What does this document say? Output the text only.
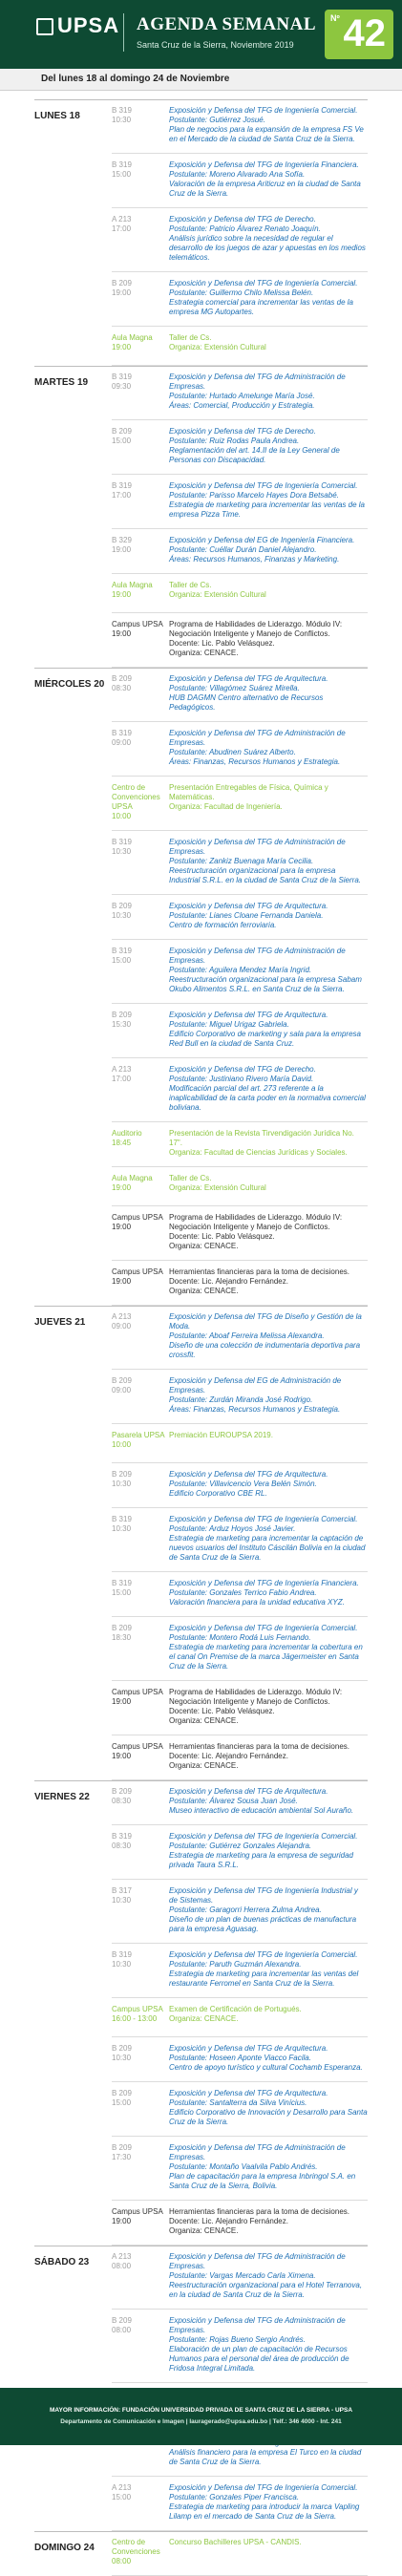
UPSA AGENDA SEMANAL
Santa Cruz de la Sierra, Noviembre 2019
Nº 42
Del lunes 18 al domingo 24 de Noviembre
LUNES 18
B 319
10:30
Exposición y Defensa del TFG de Ingeniería Comercial.
Postulante: Gutiérrez Josué.
Plan de negocios para la expansión de la empresa FS Ve en el Mercado de la ciudad de Santa Cruz de la Sierra.
B 319
15:00
Exposición y Defensa del TFG de Ingeniería Financiera.
Postulante: Moreno Alvarado Ana Sofía.
Valoración de la empresa Ariticruz en la ciudad de Santa Cruz de la Sierra.
A 213
17:00
Exposición y Defensa del TFG de Derecho.
Postulante: Patricio Álvarez Renato Joaquín.
Análisis jurídico sobre la necesidad de regular el desarrollo de los juegos de azar y apuestas en los medios telemáticos.
B 209
19:00
Exposición y Defensa del TFG de Ingeniería Comercial.
Postulante: Guillermo Chilo Melissa Belén.
Estrategia comercial para incrementar las ventas de la empresa MG Autopartes.
Aula Magna
19:00
Taller de Cs.
Organiza: Extensión Cultural
MARTES 19
B 319
09:30
Exposición y Defensa del TFG de Administración de Empresas.
Postulante: Hurtado Amelunge María José.
Áreas: Comercial, Producción y Estrategia.
B 209
15:00
Exposición y Defensa del TFG de Derecho.
Postulante: Ruiz Rodas Paula Andrea.
Reglamentación del art. 14.II de la Ley General de Personas con Discapacidad.
B 319
17:00
Exposición y Defensa del TFG de Ingeniería Comercial.
Postulante: Parisso Marcelo Hayes Dora Betsabé.
Estrategia de marketing para incrementar las ventas de la empresa Pizza Time.
B 329
19:00
Exposición y Defensa del EG de Ingeniería Financiera.
Postulante: Cuéllar Durán Daniel Alejandro.
Áreas: Recursos Humanos, Finanzas y Marketing.
Aula Magna
19:00
Taller de Cs.
Organiza: Extensión Cultural
Campus UPSA
19:00
Programa de Habilidades de Liderazgo. Módulo IV: Negociación Inteligente y Manejo de Conflictos.
Docente: Lic. Pablo Velásquez.
Organiza: CENACE.
MIÉRCOLES 20
B 209
08:30
Exposición y Defensa del TFG de Arquitectura.
Postulante: Villagómez Suárez Mirella.
HUB DAGMN Centro alternativo de Recursos Pedagógicos.
B 319
09:00
Exposición y Defensa del TFG de Administración de Empresas.
Postulante: Abudinen Suárez Alberto.
Áreas: Finanzas, Recursos Humanos y Estrategia.
Centro de
Convenciones UPSA
10:00
Presentación Entregables de Física, Química y Matemáticas.
Organiza: Facultad de Ingeniería.
B 319
10:30
Exposición y Defensa del TFG de Administración de Empresas.
Postulante: Zankiz Buenaga María Cecilia.
Reestructuración organizacional para la empresa Industrial S.R.L. en la ciudad de Santa Cruz de la Sierra.
B 209
10:30
Exposición y Defensa del TFG de Arquitectura.
Postulante: Lianes Cloane Fernanda Daniela.
Centro de formación ferroviaria.
B 319
15:00
Exposición y Defensa del TFG de Administración de Empresas.
Postulante: Aguilera Mendez María Ingrid.
Reestructuración organizacional para la empresa Sabam Okubo Alimentos S.R.L. en Santa Cruz de la Sierra.
B 209
15:30
Exposición y Defensa del TFG de Arquitectura.
Postulante: Miguel Urigaz Gabriela.
Edificio Corporativo de marketing y sala para la empresa Red Bull en la ciudad de Santa Cruz.
A 213
17:00
Exposición y Defensa del TFG de Derecho.
Postulante: Justiniano Rivero María David.
Modificación parcial del art. 273 referente a la inaplicabilidad de la carta poder en la normativa comercial boliviana.
Auditorio
18:45
Presentación de la Revista Tirvendigación Jurídica No. 17".
Organiza: Facultad de Ciencias Jurídicas y Sociales.
Aula Magna
19:00
Taller de Cs.
Organiza: Extensión Cultural
Campus UPSA
19:00
Programa de Habilidades de Liderazgo. Módulo IV: Negociación Inteligente y Manejo de Conflictos.
Docente: Lic. Pablo Velásquez.
Organiza: CENACE.
Campus UPSA
19:00
Herramientas financieras para la toma de decisiones.
Docente: Lic. Alejandro Fernández.
Organiza: CENACE.
JUEVES 21
A 213
09:00
Exposición y Defensa del TFG de Diseño y Gestión de la Moda.
Postulante: Aboaf Ferreira Melissa Alexandra.
Diseño de una colección de indumentaria deportiva para crossfit.
B 209
09:00
Exposición y Defensa del EG de Administración de Empresas.
Postulante: Zurdán Miranda José Rodrigo.
Áreas: Finanzas, Recursos Humanos y Estrategia.
Pasarela UPSA
10:00
Premiación EUROUPSA 2019.
B 209
10:30
Exposición y Defensa del TFG de Arquitectura.
Postulante: Villavicencio Vera Belén Simón.
Edificio Corporativo CBE RL.
B 319
10:30
Exposición y Defensa del TFG de Ingeniería Comercial.
Postulante: Arduz Hoyos José Javier.
Estrategia de marketing para incrementar la captación de nuevos usuarios del Instituto Cáscilán Bolivia en la ciudad de Santa Cruz de la Sierra.
B 319
15:00
Exposición y Defensa del TFG de Ingeniería Financiera.
Postulante: Gonzales Terrico Fabio Andrea.
Valoración financiera para la unidad educativa XYZ.
B 209
18:30
Exposición y Defensa del TFG de Ingeniería Comercial.
Postulante: Montero Rodá Luis Fernando.
Estrategia de marketing para incrementar la cobertura en el canal On Premise de la marca Jägermeister en Santa Cruz de la Sierra.
Campus UPSA
19:00
Programa de Habilidades de Liderazgo. Módulo IV: Negociación Inteligente y Manejo de Conflictos.
Docente: Lic. Pablo Velásquez.
Organiza: CENACE.
Campus UPSA
19:00
Herramientas financieras para la toma de decisiones.
Docente: Lic. Alejandro Fernández.
Organiza: CENACE.
VIERNES 22
B 209
08:30
Exposición y Defensa del TFG de Arquitectura.
Postulante: Álvarez Sousa Juan José.
Museo interactivo de educación ambiental Sol Auraño.
B 319
08:30
Exposición y Defensa del TFG de Ingeniería Comercial.
Postulante: Gutiérrez Gonzales Alejandra.
Estrategia de marketing para la empresa de seguridad privada Taura S.R.L.
B 317
10:30
Exposición y Defensa del TFG de Ingeniería Industrial y de Sistemas.
Postulante: Garagorri Herrera Zulma Andrea.
Diseño de un plan de buenas prácticas de manufactura para la empresa Aguasag.
B 319
10:30
Exposición y Defensa del TFG de Ingeniería Comercial.
Postulante: Paruth Guzmán Alexandra.
Estrategia de marketing para incrementar las ventas del restaurante Ferromel en Santa Cruz de la Sierra.
Campus UPSA
16:00 - 13:00
Examen de Certificación de Portugués.
Organiza: CENACE.
B 209
10:30
Exposición y Defensa del TFG de Arquitectura.
Postulante: Hoseen Aponte Viacco Facila.
Centro de apoyo turístico y cultural Cochamb Esperanza.
B 209
15:00
Exposición y Defensa del TFG de Arquitectura.
Postulante: Santalterra da Silva Vinícius.
Edificio Corporativo de Innovación y Desarrollo para Santa Cruz de la Sierra.
B 209
17:30
Exposición y Defensa del TFG de Administración de Empresas.
Postulante: Montaño Vaalvila Pablo Andrés.
Plan de capacitación para la empresa Inbringol S.A. en Santa Cruz de la Sierra, Bolivia.
Campus UPSA
19:00
Herramientas financieras para la toma de decisiones.
Docente: Lic. Alejandro Fernández.
Organiza: CENACE.
SÁBADO 23
A 213
08:00
Exposición y Defensa del TFG de Administración de Empresas.
Postulante: Vargas Mercado Carla Ximena.
Reestructuración organizacional para el Hotel Terranova, en la ciudad de Santa Cruz de la Sierra.
B 209
08:00
Exposición y Defensa del TFG de Administración de Empresas.
Postulante: Rojas Bueno Sergio Andrés.
Elaboración de un plan de capacitación de Recursos Humanos para el personal del área de producción de Fridosa Integral Limitada.

Análisis financiero para la empresa El Turco en la ciudad de Santa Cruz de la Sierra.
A 213
15:00
Exposición y Defensa del TFG de Ingeniería Comercial.
Postulante: Gonzales Piper Francisca.
Estrategia de marketing para introducir la marca Vapling Lilamp en el mercado de Santa Cruz de la Sierra.
DOMINGO 24
Centro de
Convenciones
08:00
Concurso Bachilleres UPSA - CANDIS.
MAYOR INFORMACIÓN: FUNDACIÓN UNIVERSIDAD PRIVADA DE SANTA CRUZ DE LA SIERRA - UPSA
Departamento de Comunicación e Imagen | lauragerado@upsa.edu.bo | Telf.: 346 4000 - Int. 241
